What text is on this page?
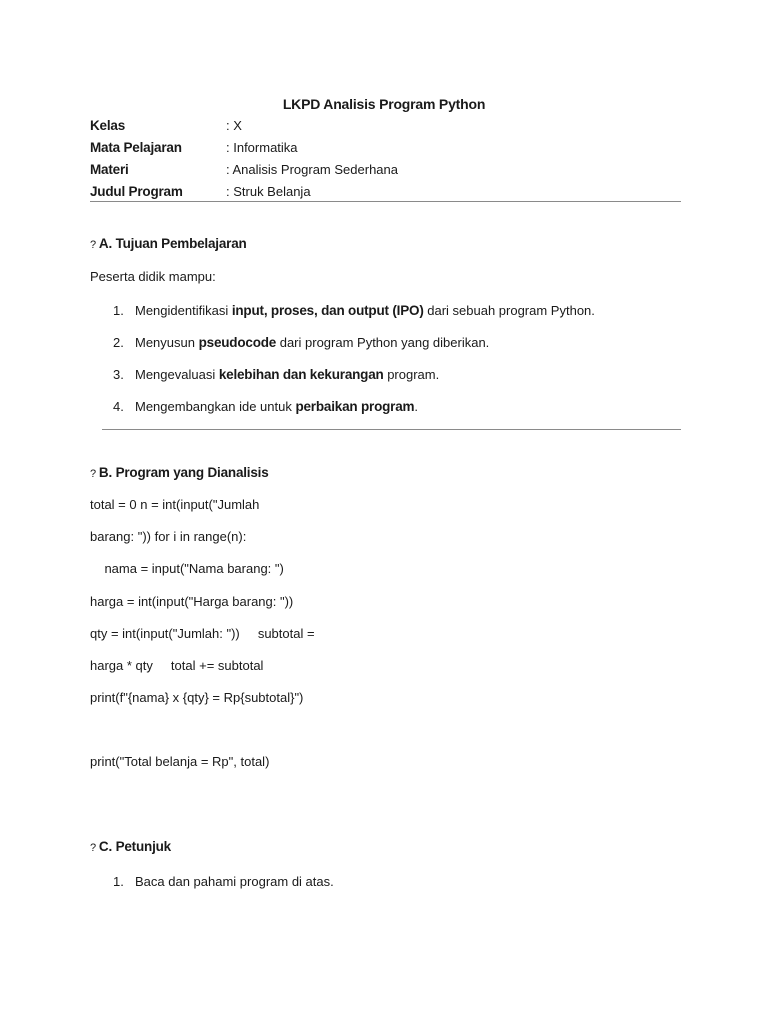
LKPD Analisis Program Python
Kelas	: X
Mata Pelajaran	: Informatika
Materi	: Analisis Program Sederhana
Judul Program	: Struk Belanja
? A. Tujuan Pembelajaran
Peserta didik mampu:
1. Mengidentifikasi input, proses, dan output (IPO) dari sebuah program Python.
2. Menyusun pseudocode dari program Python yang diberikan.
3. Mengevaluasi kelebihan dan kekurangan program.
4. Mengembangkan ide untuk perbaikan program.
? B. Program yang Dianalisis
total = 0 n = int(input("Jumlah
barang: ")) for i in range(n):
nama = input("Nama barang: ")
harga = int(input("Harga barang: "))
qty = int(input("Jumlah: "))     subtotal =
harga * qty     total += subtotal
print(f"{nama} x {qty} = Rp{subtotal}")
print("Total belanja = Rp", total)
? C. Petunjuk
1. Baca dan pahami program di atas.
